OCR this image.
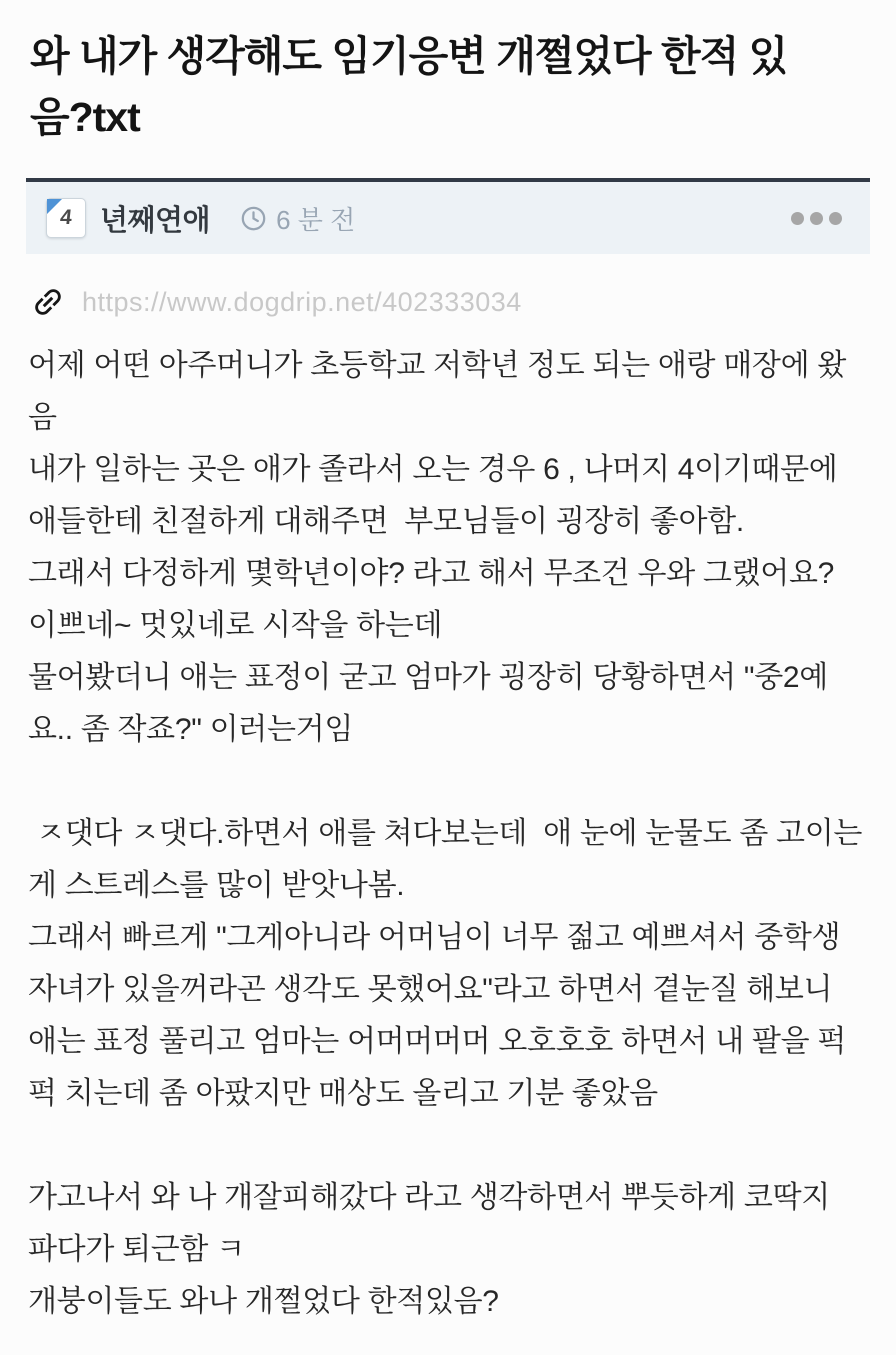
와 내가 생각해도 임기응변 개쩔었다 한적 있
음?txt
4 년째연애	6 분 전
https://www.dogdrip.net/402333034
어제 어떤 아주머니가 초등학교 저학년 정도 되는 애랑 매장에 왔
음
내가 일하는 곳은 애가 졸라서 오는 경우 6 , 나머지 4이기때문에
애들한테 친절하게 대해주면  부모님들이 굉장히 좋아함.
그래서 다정하게 몇학년이야? 라고 해서 무조건 우와 그랬어요?
이쁘네~ 멋있네로 시작을 하는데
물어봤더니 애는 표정이 굳고 엄마가 굉장히 당황하면서 "중2예
요.. 좀 작죠?" 이러는거임

ㅈ댓다 ㅈ댓다.하면서 애를 쳐다보는데  애 눈에 눈물도 좀 고이는
게 스트레스를 많이 받앗나봄.
그래서 빠르게 "그게아니라 어머님이 너무 젊고 예쁘셔서 중학생
자녀가 있을꺼라곤 생각도 못했어요"라고 하면서 곁눈질 해보니
애는 표정 풀리고 엄마는 어머머머머 오호호호 하면서 내 팔을 퍽
퍽 치는데 좀 아팠지만 매상도 올리고 기분 좋았음

가고나서 와 나 개잘피해갔다 라고 생각하면서 뿌듯하게 코딱지
파다가 퇴근함 ㅋ
개붕이들도 와나 개쩔었다 한적있음?
